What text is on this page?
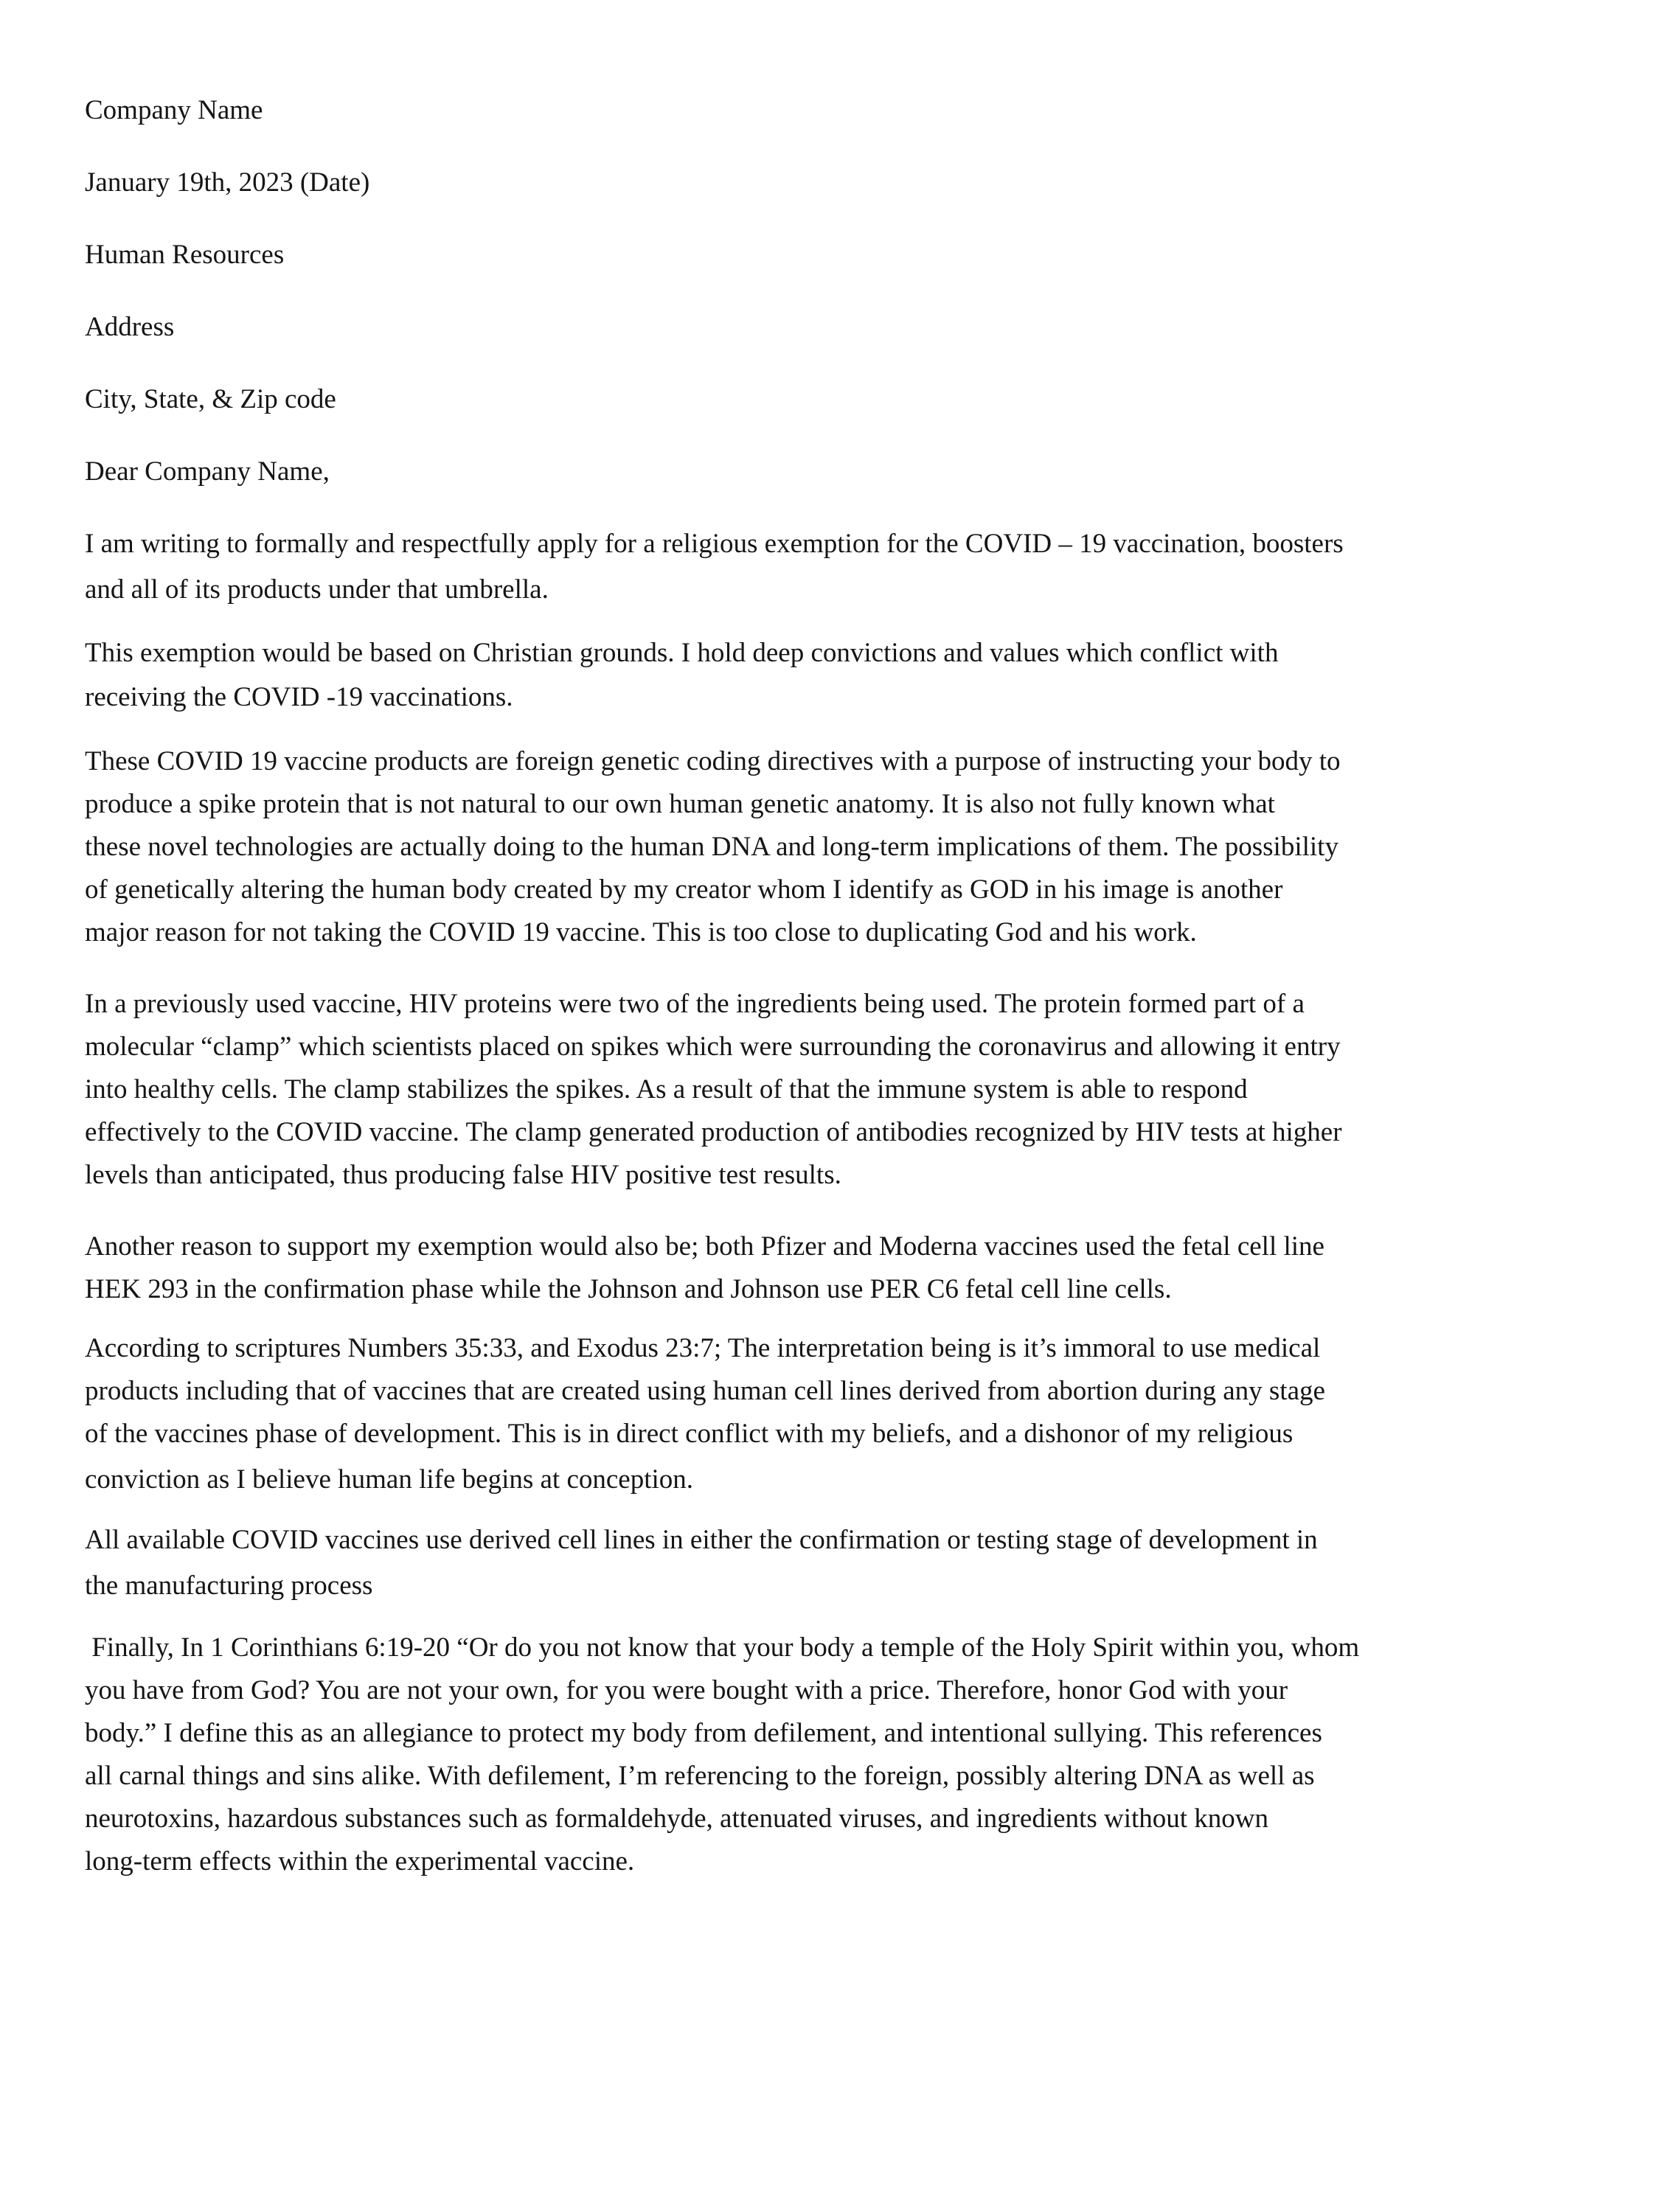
Company Name
January 19th, 2023 (Date)
Human Resources
Address
City, State, & Zip code
Dear Company Name,
I am writing to formally and respectfully apply for a religious exemption for the COVID – 19 vaccination, boosters
and all of its products under that umbrella.
This exemption would be based on Christian grounds. I hold deep convictions and values which conflict with
receiving the COVID -19 vaccinations.
These COVID 19 vaccine products are foreign genetic coding directives with a purpose of instructing your body to
produce a spike protein that is not natural to our own human genetic anatomy. It is also not fully known what
these novel technologies are actually doing to the human DNA and long-term implications of them. The possibility
of genetically altering the human body created by my creator whom I identify as GOD in his image is another
major reason for not taking the COVID 19 vaccine. This is too close to duplicating God and his work.
In a previously used vaccine, HIV proteins were two of the ingredients being used. The protein formed part of a
molecular “clamp” which scientists placed on spikes which were surrounding the coronavirus and allowing it entry
into healthy cells. The clamp stabilizes the spikes. As a result of that the immune system is able to respond
effectively to the COVID vaccine. The clamp generated production of antibodies recognized by HIV tests at higher
levels than anticipated, thus producing false HIV positive test results.
Another reason to support my exemption would also be; both Pfizer and Moderna vaccines used the fetal cell line
HEK 293 in the confirmation phase while the Johnson and Johnson use PER C6 fetal cell line cells.
According to scriptures Numbers 35:33, and Exodus 23:7; The interpretation being is it’s immoral to use medical
products including that of vaccines that are created using human cell lines derived from abortion during any stage
of the vaccines phase of development. This is in direct conflict with my beliefs, and a dishonor of my religious
conviction as I believe human life begins at conception.
All available COVID vaccines use derived cell lines in either the confirmation or testing stage of development in
the manufacturing process
Finally, In 1 Corinthians 6:19-20 “Or do you not know that your body a temple of the Holy Spirit within you, whom
you have from God? You are not your own, for you were bought with a price. Therefore, honor God with your
body.” I define this as an allegiance to protect my body from defilement, and intentional sullying. This references
all carnal things and sins alike. With defilement, I’m referencing to the foreign, possibly altering DNA as well as
neurotoxins, hazardous substances such as formaldehyde, attenuated viruses, and ingredients without known
long-term effects within the experimental vaccine.
